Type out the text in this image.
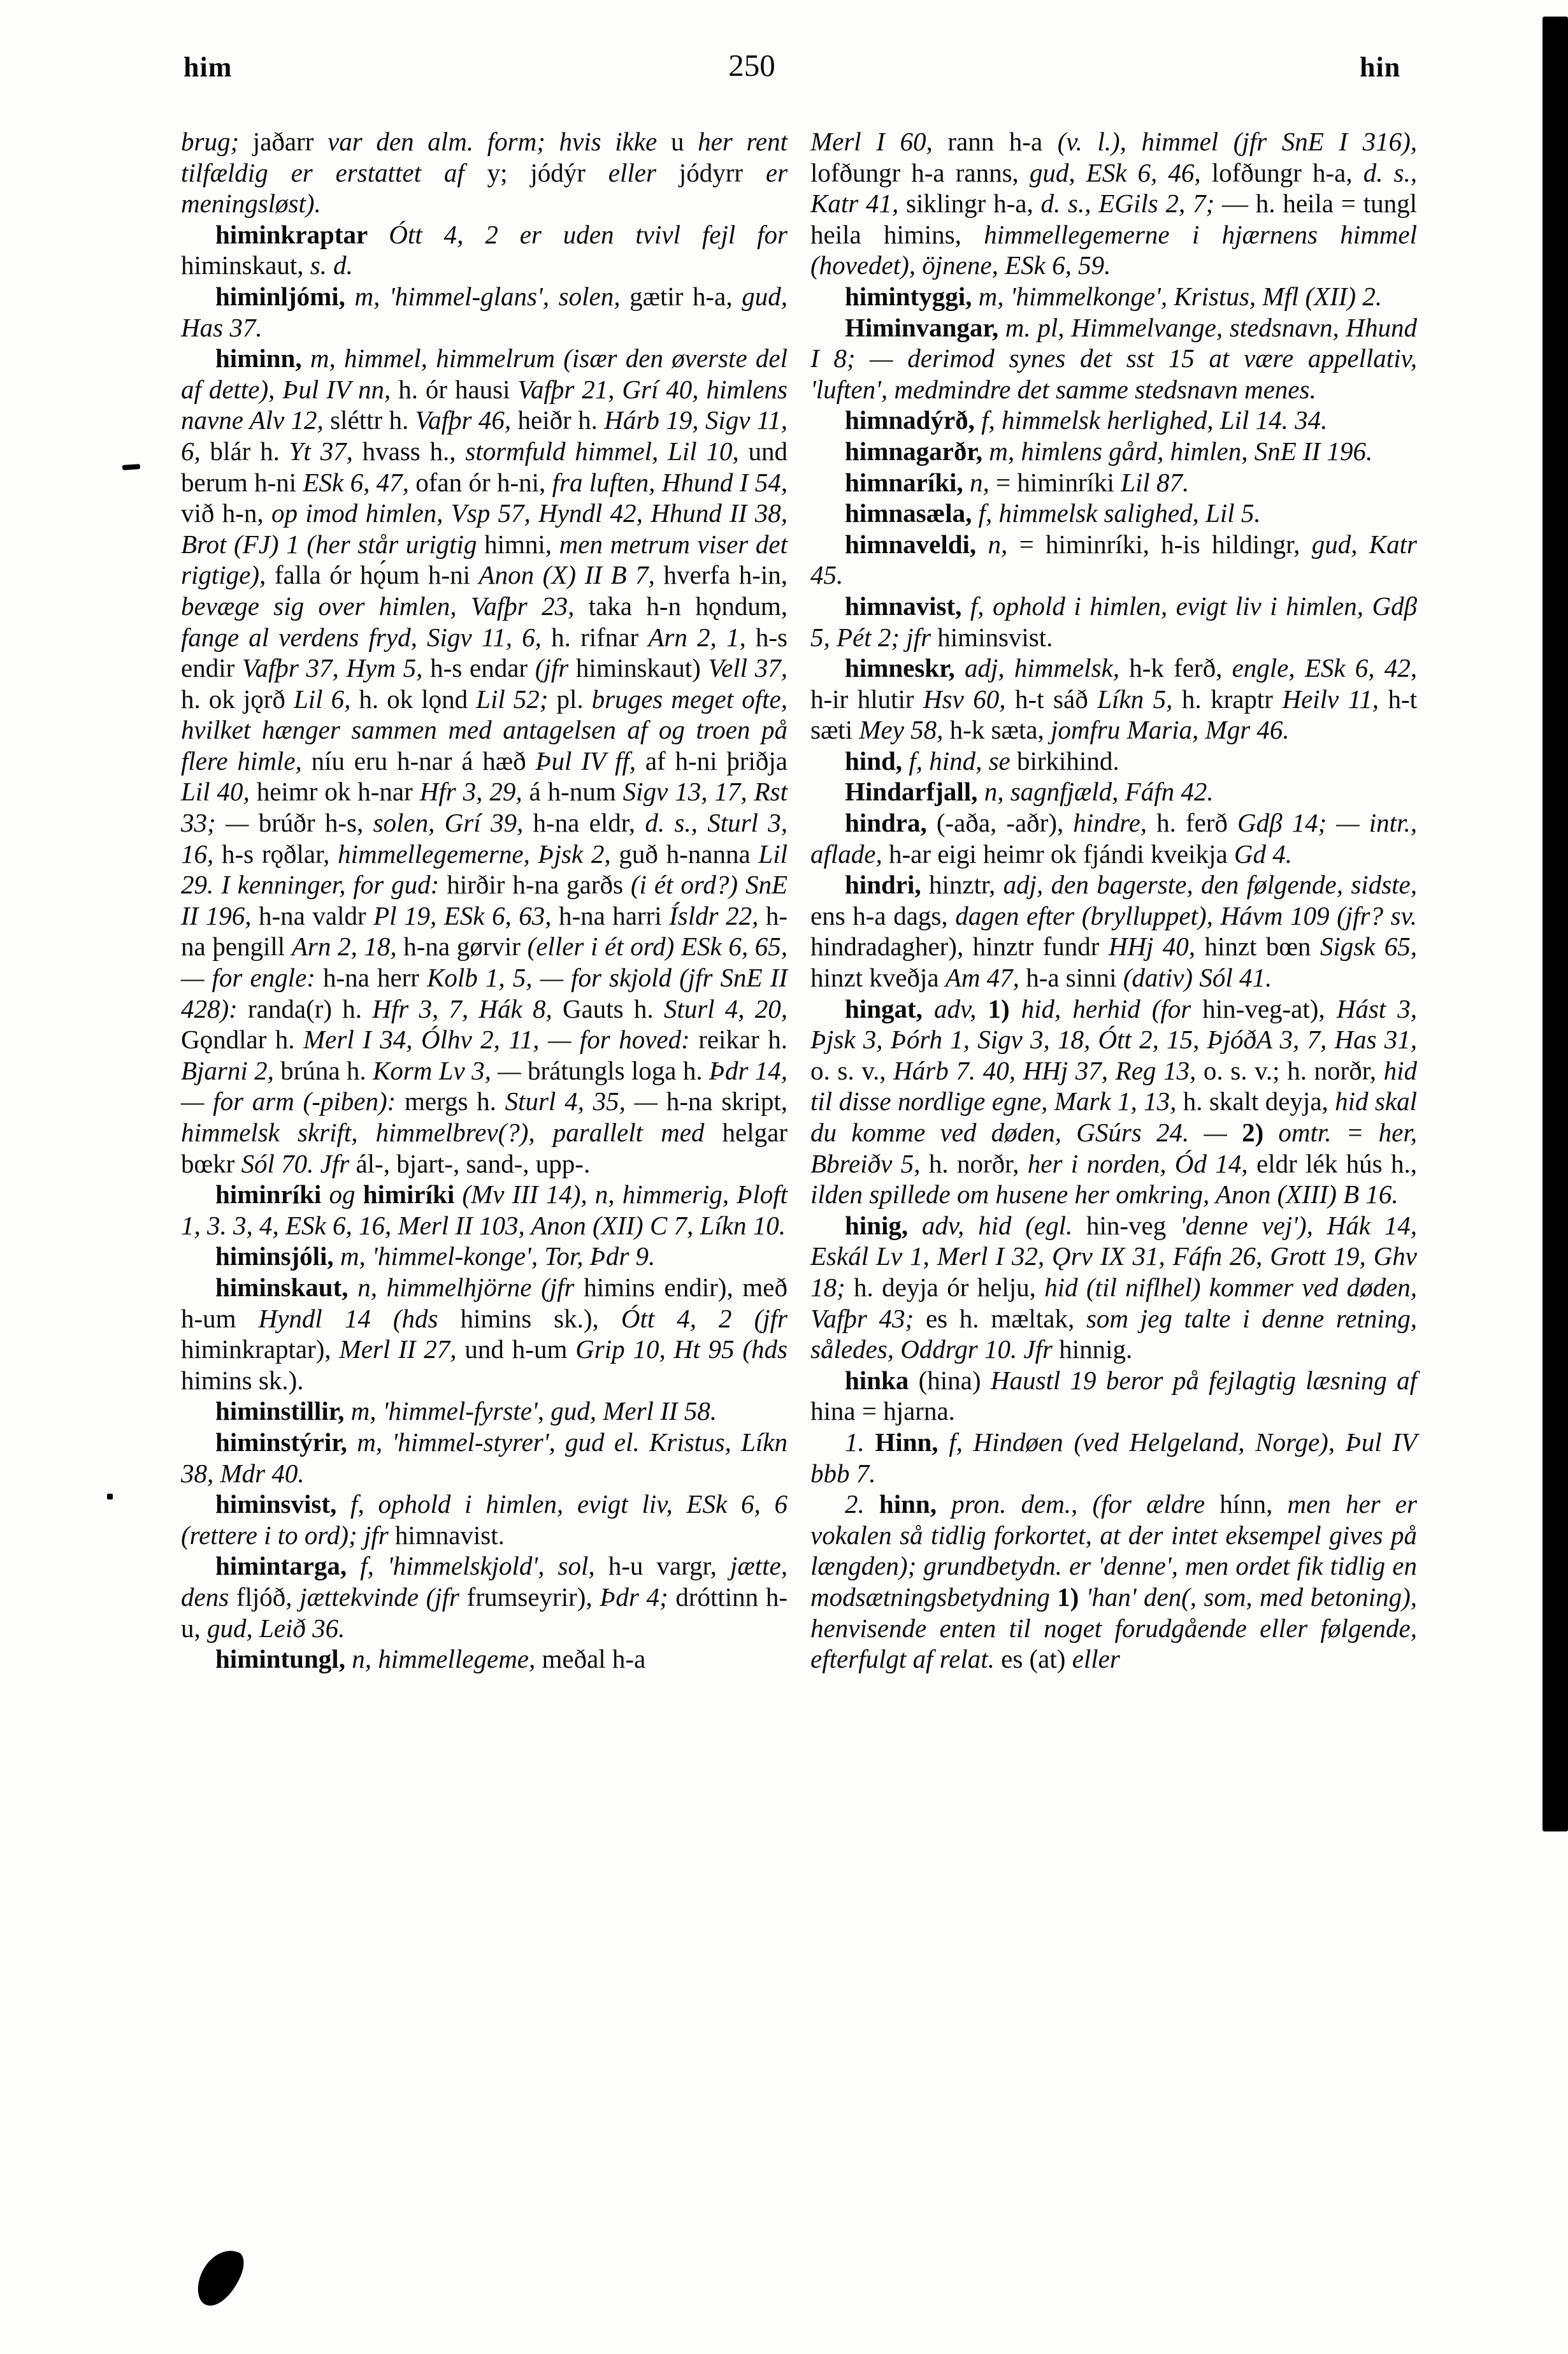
him	250	hin

brug; jaðarr var den alm. form; hvis ikke u her rent tilfældig er erstattet af y; jódýr eller jódyrr er meningsløst).

himinkraptar Ótt 4, 2 er uden tvivl fejl for himinskaut, s. d.

himinljómi, m, 'himmel-glans', solen, gætir h-a, gud, Has 37.

himinn, m, himmel, himmelrum (især den øverste del af dette), Þul IV nn, h. ór hausi Vafþr 21, Grí 40, himlens navne Alv 12, sléttr h. Vafþr 46, heiðr h. Hárb 19, Sigv 11, 6, blár h. Yt 37, hvass h., stormfuld himmel, Lil 10, und berum h-ni ESk 6, 47, ofan ór h-ni, fra luften, Hhund I 54, við h-n, op imod himlen, Vsp 57, Hyndl 42, Hhund II 38, Brot (FJ) 1 (her står urigtig himni, men metrum viser det rigtige), falla ór hǫ́um h-ni Anon (X) II B 7, hverfa h-in, bevæge sig over himlen, Vafþr 23, taka h-n hǫndum, fange al verdens fryd, Sigv 11, 6, h. rifnar Arn 2, 1, h-s endir Vafþr 37, Hym 5, h-s endar (jfr himinskaut) Vell 37, h. ok jǫrð Lil 6, h. ok lǫnd Lil 52; pl. bruges meget ofte, hvilket hænger sammen med antagelsen af og troen på flere himle, níu eru h-nar á hæð Þul IV ff, af h-ni þriðja Lil 40, heimr ok h-nar Hfr 3, 29, á h-num Sigv 13, 17, Rst 33; — brúðr h-s, solen, Grí 39, h-na eldr, d. s., Sturl 3, 16, h-s rǫðlar, himmellegemerne, Þjsk 2, guð h-nanna Lil 29. I kenninger, for gud: hirðir h-na garðs (i ét ord?) SnE II 196, h-na valdr Pl 19, ESk 6, 63, h-na harri Ísldr 22, h-na þengill Arn 2, 18, h-na gørvir (eller i ét ord) ESk 6, 65, — for engle: h-na herr Kolb 1, 5, — for skjold (jfr SnE II 428): randa(r) h. Hfr 3, 7, Hák 8, Gauts h. Sturl 4, 20, Gǫndlar h. Merl I 34, Ólhv 2, 11, — for hoved: reikar h. Bjarni 2, brúna h. Korm Lv 3, — brátungls loga h. Þdr 14, — for arm (-piben): mergs h. Sturl 4, 35, — h-na skript, himmelsk skrift, himmelbrev(?), parallelt med helgar bœkr Sól 70. Jfr ál-, bjart-, sand-, upp-.

himinríki og himiríki (Mv III 14), n, himmerig, Þloft 1, 3. 3, 4, ESk 6, 16, Merl II 103, Anon (XII) C 7, Líkn 10.

himinsjóli, m, 'himmel-konge', Tor, Þdr 9.

himinskaut, n, himmelhjörne (jfr himins endir), með h-um Hyndl 14 (hds himins sk.), Ótt 4, 2 (jfr himinkraptar), Merl II 27, und h-um Grip 10, Ht 95 (hds himins sk.).

himinstillir, m, 'himmel-fyrste', gud, Merl II 58.

himinstýrir, m, 'himmel-styrer', gud el. Kristus, Líkn 38, Mdr 40.

himinsvist, f, ophold i himlen, evigt liv, ESk 6, 6 (rettere i to ord); jfr himnavist.

himintarga, f, 'himmelskjold', sol, h-u vargr, jætte, dens fljóð, jættekvinde (jfr frumseyrir), Þdr 4; dróttinn h-u, gud, Leið 36.

himintungl, n, himmellegeme, meðal h-a

Merl I 60, rann h-a (v. l.), himmel (jfr SnE I 316), lofðungr h-a ranns, gud, ESk 6, 46, lofðungr h-a, d. s., Katr 41, siklingr h-a, d. s., EGils 2, 7; — h. heila = tungl heila himins, himmellegemerne i hjærnens himmel (hovedet), öjnene, ESk 6, 59.

himintyggi, m, 'himmelkonge', Kristus, Mfl (XII) 2.

Himinvangar, m. pl, Himmelvange, stedsnavn, Hhund I 8; — derimod synes det sst 15 at være appellativ, 'luften', medmindre det samme stedsnavn menes.

himnadýrð, f, himmelsk herlighed, Lil 14. 34.

himnagarðr, m, himlens gård, himlen, SnE II 196.

himnaríki, n, = himinríki Lil 87.

himnasæla, f, himmelsk salighed, Lil 5.

himnaveldi, n, = himinríki, h-is hildingr, gud, Katr 45.

himnavist, f, ophold i himlen, evigt liv i himlen, Gdβ 5, Pét 2; jfr himinsvist.

himneskr, adj, himmelsk, h-k ferð, engle, ESk 6, 42, h-ir hlutir Hsv 60, h-t sáð Líkn 5, h. kraptr Heilv 11, h-t sæti Mey 58, h-k sæta, jomfru Maria, Mgr 46.

hind, f, hind, se birkihind.

Hindarfjall, n, sagnfjæld, Fáfn 42.

hindra, (-aða, -aðr), hindre, h. ferð Gdβ 14; — intr., aflade, h-ar eigi heimr ok fjándi kveikja Gd 4.

hindri, hinztr, adj, den bagerste, den følgende, sidste, ens h-a dags, dagen efter (brylluppet), Hávm 109 (jfr? sv. hindradagher), hinztr fundr HHj 40, hinzt bœn Sigsk 65, hinzt kveðja Am 47, h-a sinni (dativ) Sól 41.

hingat, adv, 1) hid, herhid (for hin-veg-at), Hást 3, Þjsk 3, Þórh 1, Sigv 3, 18, Ótt 2, 15, ÞjóðA 3, 7, Has 31, o. s. v., Hárb 7. 40, HHj 37, Reg 13, o. s. v.; h. norðr, hid til disse nordlige egne, Mark 1, 13, h. skalt deyja, hid skal du komme ved døden, GSúrs 24. — 2) omtr. = her, Bbreiðv 5, h. norðr, her i norden, Ód 14, eldr lék hús h., ilden spillede om husene her omkring, Anon (XIII) B 16.

hinig, adv, hid (egl. hin-veg 'denne vej'), Hák 14, Eskál Lv 1, Merl I 32, Ǫrv IX 31, Fáfn 26, Grott 19, Ghv 18; h. deyja ór helju, hid (til niflhel) kommer ved døden, Vafþr 43; es h. mæltak, som jeg talte i denne retning, således, Oddrgr 10. Jfr hinnig.

hinka (hina) Haustl 19 beror på fejlagtig læsning af hina = hjarna.

1. Hinn, f, Hindøen (ved Helgeland, Norge), Þul IV bbb 7.

2. hinn, pron. dem., (for ældre hínn, men her er vokalen så tidlig forkortet, at der intet eksempel gives på længden); grundbetydn. er 'denne', men ordet fik tidlig en modsætningsbetydning 1) 'han' den(, som, med betoning), henvisende enten til noget forudgående eller følgende, efterfulgt af relat. es (at) eller
